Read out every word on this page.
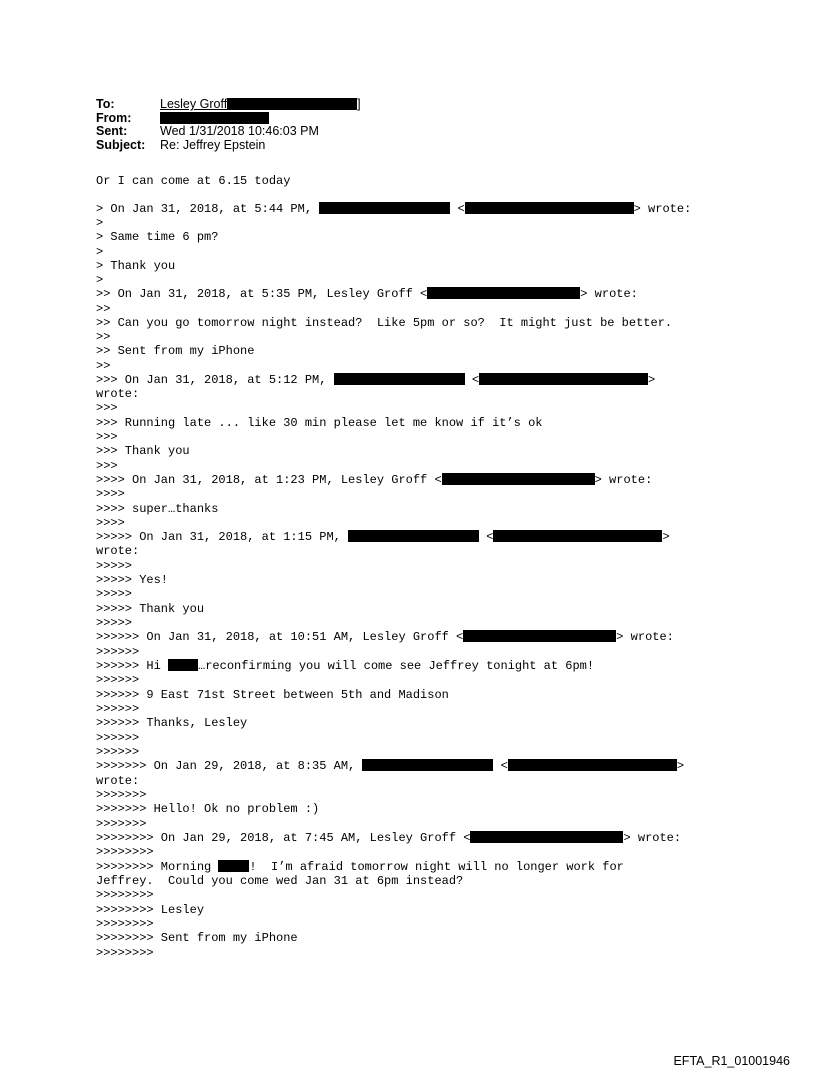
To:	Lesley Groff	]
From:
Sent:	Wed 1/31/2018 10:46:03 PM
Subject:	Re: Jeffrey Epstein
Or I can come at 6.15 today
> On Jan 31, 2018, at 5:44 PM,	<	> wrote:
>
> Same time 6 pm?
>
> Thank you
>
>> On Jan 31, 2018, at 5:35 PM, Lesley Groff <	> wrote:
>>
>> Can you go tomorrow night instead?  Like 5pm or so?  It might just be better.
>>
>> Sent from my iPhone
>>
>>> On Jan 31, 2018, at 5:12 PM,	<	>
wrote:
>>>
>>> Running late ... like 30 min please let me know if it’s ok
>>>
>>> Thank you
>>>
>>>> On Jan 31, 2018, at 1:23 PM, Lesley Groff <	> wrote:
>>>>
>>>> super…thanks
>>>>
>>>>> On Jan 31, 2018, at 1:15 PM,	<	>
wrote:
>>>>>
>>>>> Yes!
>>>>>
>>>>> Thank you
>>>>>
>>>>>> On Jan 31, 2018, at 10:51 AM, Lesley Groff <	> wrote:
>>>>>>
>>>>>> Hi	…reconfirming you will come see Jeffrey tonight at 6pm!
>>>>>>
>>>>>> 9 East 71st Street between 5th and Madison
>>>>>>
>>>>>> Thanks, Lesley
>>>>>>
>>>>>>
>>>>>>> On Jan 29, 2018, at 8:35 AM,	<	>
wrote:
>>>>>>>
>>>>>>> Hello! Ok no problem :)
>>>>>>>
>>>>>>>> On Jan 29, 2018, at 7:45 AM, Lesley Groff <	> wrote:
>>>>>>>>
>>>>>>>> Morning	!  I’m afraid tomorrow night will no longer work for
Jeffrey.  Could you come wed Jan 31 at 6pm instead?
>>>>>>>>
>>>>>>>> Lesley
>>>>>>>>
>>>>>>>> Sent from my iPhone
>>>>>>>>
EFTA_R1_01001946
